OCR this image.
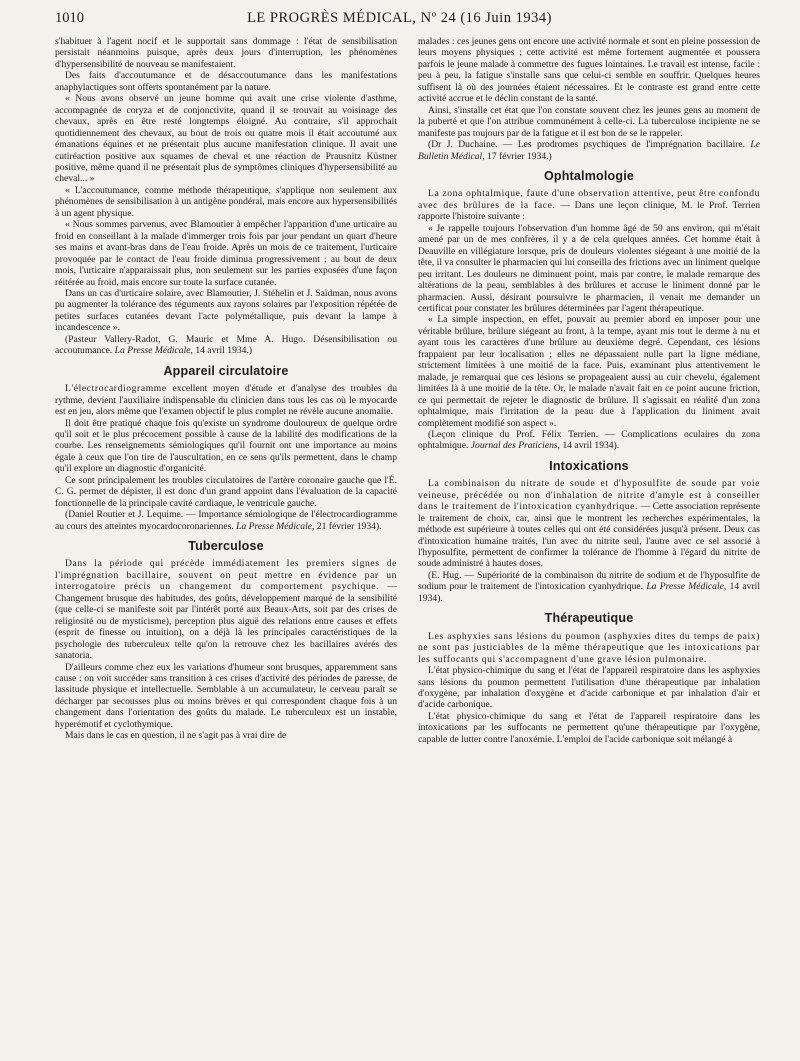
1010	LE PROGRÈS MÉDICAL, Nº 24 (16 Juin 1934)

s'habituer à l'agent nocif et le supportait sans dommage : l'état de sensibilisation persistait néanmoins puisque, après deux jours d'interruption, les phénomènes d'hypersensibilité de nouveau se manifestaient.

Des faits d'accoutumance et de désaccoutumance dans les manifestations anaphylactiques sont offerts spontanément par la nature.

« Nous avons observé un jeune homme qui avait une crise violente d'asthme, accompagnée de coryza et de conjonctivite, quand il se trouvait au voisinage des chevaux, après en être resté longtemps éloigné. Au contraire, s'il approchait quotidiennement des chevaux, au bout de trois ou quatre mois il était accoutumé aux émanations équines et ne présentait plus aucune manifestation clinique. Il avait une cutiréaction positive aux squames de cheval et une réaction de Prausnitz Küstner positive, même quand il ne présentait plus de symptômes cliniques d'hypersensibilité au cheval... »

« L'accoutumance, comme méthode thérapeutique, s'applique non seulement aux phénomènes de sensibilisation à un antigène pondéral, mais encore aux hypersensibilités à un agent physique.

« Nous sommes parvenus, avec Blamoutier à empêcher l'apparition d'une urticaire au froid en conseillant à la malade d'immerger trois fois par jour pendant un quart d'heure ses mains et avant-bras dans de l'eau froide. Après un mois de ce traitement, l'urticaire provoquée par le contact de l'eau froide diminua progressivement ; au bout de deux mois, l'urticaire n'apparaissait plus, non seulement sur les parties exposées d'une façon réitérée au froid, mais encore sur toute la surface cutanée.

Dans un cas d'urticaire solaire, avec Blamoutier, J. Stéhelin et J. Saïdman, nous avons pu augmenter la tolérance des téguments aux rayons solaires par l'exposition répétée de petites surfaces cutanées devant l'acte polymétallique, puis devant la lampe à incandescence ».

(Pasteur Vallery-Radot, G. Mauric et Mme A. Hugo. Désensibilisation ou accoutumance. La Presse Médicale, 14 avril 1934.)

Appareil circulatoire

L'électrocardiogramme excellent moyen d'étude et d'analyse des troubles du rythme, devient l'auxiliaire indispensable du clinicien dans tous les cas où le myocarde est en jeu, alors même que l'examen objectif le plus complet ne révèle aucune anomalie.

Il doit être pratiqué chaque fois qu'existe un syndrome douloureux de quelque ordre qu'il soit et le plus précocement possible à cause de la labilité des modifications de la courbe. Les renseignements sémiologiques qu'il fournit ont une importance au moins égale à ceux que l'on tire de l'auscultation, en ce sens qu'ils permettent, dans le champ qu'il explore un diagnostic d'organicité.

Ce sont principalement les troubles circulatoires de l'artère coronaire gauche que l'É. C. G. permet de dépister, il est donc d'un grand appoint dans l'évaluation de la capacité fonctionnelle de la principale cavité cardiaque, le ventricule gauche.

(Daniel Routier et J. Lequime. — Importance sémiologique de l'électrocardiogramme au cours des atteintes myocardocoronariennes. La Presse Médicale, 21 février 1934).

Tuberculose

Dans la période qui précède immédiatement les premiers signes de l'imprégnation bacillaire, souvent on peut mettre en évidence par un interrogatoire précis un changement du comportement psychique. — Changement brusque des habitudes, des goûts, développement marqué de la sensibilité (que celle-ci se manifeste soit par l'intérêt porté aux Beaux-Arts, soit par des crises de religiosité ou de mysticisme), perception plus aiguë des relations entre causes et effets (esprit de finesse ou intuition), on a déjà là les principales caractéristiques de la psychologie des tuberculeux telle qu'on la retrouve chez les bacillaires avérés des sanatoria.

D'ailleurs comme chez eux les variations d'humeur sont brusques, apparemment sans cause : on voit succéder sans transition à ces crises d'activité des périodes de paresse, de lassitude physique et intellectuelle. Semblable à un accumulateur, le cerveau paraît se décharger par secousses plus ou moins brèves et qui correspondent chaque fois à un changement dans l'orientation des goûts du malade. Le tuberculeux est un instable, hyperémotif et cyclothymique.

Mais dans le cas en question, il ne s'agit pas à vrai dire de

malades : ces jeunes gens ont encore une activité normale et sont en pleine possession de leurs moyens physiques ; cette activité est même fortement augmentée et poussera parfois le jeune malade à commettre des fugues lointaines. Le travail est intense, facile : peu à peu, la fatigue s'installe sans que celui-ci semble en souffrir. Quelques heures suffisent là où des journées étaient nécessaires. Et le contraste est grand entre cette activité accrue et le déclin constant de la santé.

Ainsi, s'installe cet état que l'on constate souvent chez les jeunes gens au moment de la puberté et que l'on attribue communément à celle-ci. La tuberculose incipiente ne se manifeste pas toujours par de la fatigue et il est bon de se le rappeler.

(Dr J. Duchaine. — Les prodromes psychiques de l'imprégnation bacillaire. Le Bulletin Médical, 17 février 1934.)

Ophtalmologie

La zona ophtalmique, faute d'une observation attentive, peut être confondu avec des brûlures de la face. — Dans une leçon clinique, M. le Prof. Terrien rapporte l'histoire suivante :

« Je rappelle toujours l'observation d'un homme âgé de 50 ans environ, qui m'était amené par un de mes confrères, il y a de cela quelques années. Cet homme était à Deauville en villégiature lorsque, pris de douleurs violentes siégeant à une moitié de la tête, il va consulter le pharmacien qui lui conseilla des frictions avec un liniment quelque peu irritant. Les douleurs ne diminuent point, mais par contre, le malade remarque des altérations de la peau, semblables à des brûlures et accuse le liniment donné par le pharmacien. Aussi, désirant poursuivre le pharmacien, il venait me demander un certificat pour constater les brûlures déterminées par l'agent thérapeutique.

« La simple inspection, en effet, pouvait au premier abord en imposer pour une véritable brûlure, brûlure siégeant au front, à la tempe, ayant mis tout le derme à nu et ayant tous les caractères d'une brûlure au deuxième degré. Cependant, ces lésions frappaient par leur localisation ; elles ne dépassaient nulle part la ligne médiane, strictement limitées à une moitié de la face. Puis, examinant plus attentivement le malade, je remarquai que ces lésions se propageaient aussi au cuir chevelu, également limitées là à une moitié de la tête. Or, le malade n'avait fait en ce point aucune friction, ce qui permettait de rejeter le diagnostic de brûlure. Il s'agissait en réalité d'un zona ophtalmique, mais l'irritation de la peau due à l'application du liniment avait complètement modifié son aspect ».

(Leçon clinique du Prof. Félix Terrien. — Complications oculaires du zona ophtalmique. Journal des Praticiens, 14 avril 1934).

Intoxications

La combinaison du nitrate de soude et d'hyposulfite de soude par voie veineuse, précédée ou non d'inhalation de nitrite d'amyle est à conseiller dans le traitement de l'intoxication cyanhydrique. — Cette association représente le traitement de choix, car, ainsi que le montrent les recherches expérimentales, la méthode est supérieure à toutes celles qui ont été considérées jusqu'à présent. Deux cas d'intoxication humaine traités, l'un avec du nitrite seul, l'autre avec ce sel associé à l'hyposulfite, permettent de confirmer la tolérance de l'homme à l'égard du nitrite de soude administré à hautes doses.

(E. Hug. — Supériorité de la combinaison du nitrite de sodium et de l'hyposulfite de sodium pour le traitement de l'intoxication cyanhydrique. La Presse Médicale, 14 avril 1934).

Thérapeutique

Les asphyxies sans lésions du poumon (asphyxies dites du temps de paix) ne sont pas justiciables de la même thérapeutique que les intoxications par les suffocants qui s'accompagnent d'une grave lésion pulmonaire.

L'état physico-chimique du sang et l'état de l'appareil respiratoire dans les asphyxies sans lésions du poumon permettent l'utilisation d'une thérapeutique par inhalation d'oxygène, par inhalation d'oxygène et d'acide carbonique et par inhalation d'air et d'acide carbonique.

L'état physico-chimique du sang et l'état de l'appareil respiratoire dans les intoxications par les suffocants ne permettent qu'une thérapeutique par l'oxygène, capable de lutter contre l'anoxémie. L'emploi de l'acide carbonique soit mélangé à
